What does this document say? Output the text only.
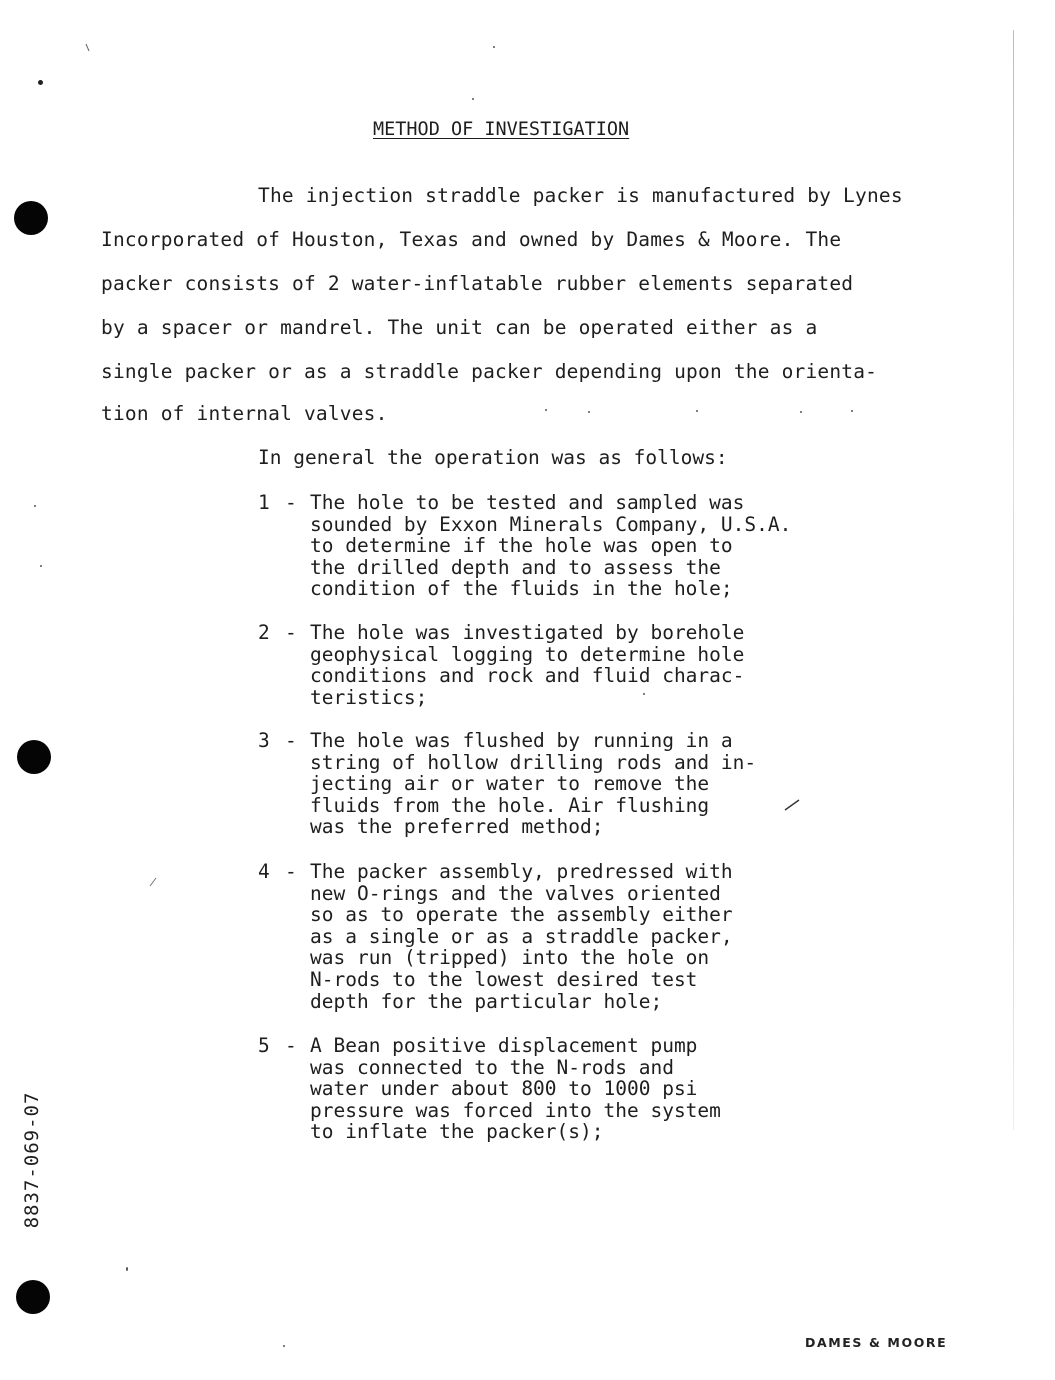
METHOD OF INVESTIGATION
The injection straddle packer is manufactured by Lynes
Incorporated of Houston, Texas and owned by Dames & Moore. The
packer consists of 2 water-inflatable rubber elements separated
by a spacer or mandrel. The unit can be operated either as a
single packer or as a straddle packer depending upon the orienta-
tion of internal valves.
In general the operation was as follows:
1 - The hole to be tested and sampled was
sounded by Exxon Minerals Company, U.S.A.
to determine if the hole was open to
the drilled depth and to assess the
condition of the fluids in the hole;
2 - The hole was investigated by borehole
geophysical logging to determine hole
conditions and rock and fluid charac-
teristics;
3 - The hole was flushed by running in a
string of hollow drilling rods and in-
jecting air or water to remove the
fluids from the hole. Air flushing
was the preferred method;
4 - The packer assembly, predressed with
new O-rings and the valves oriented
so as to operate the assembly either
as a single or as a straddle packer,
was run (tripped) into the hole on
N-rods to the lowest desired test
depth for the particular hole;
5 - A Bean positive displacement pump
was connected to the N-rods and
water under about 800 to 1000 psi
pressure was forced into the system
to inflate the packer(s);
8837-069-07
DAMES & MOORE
